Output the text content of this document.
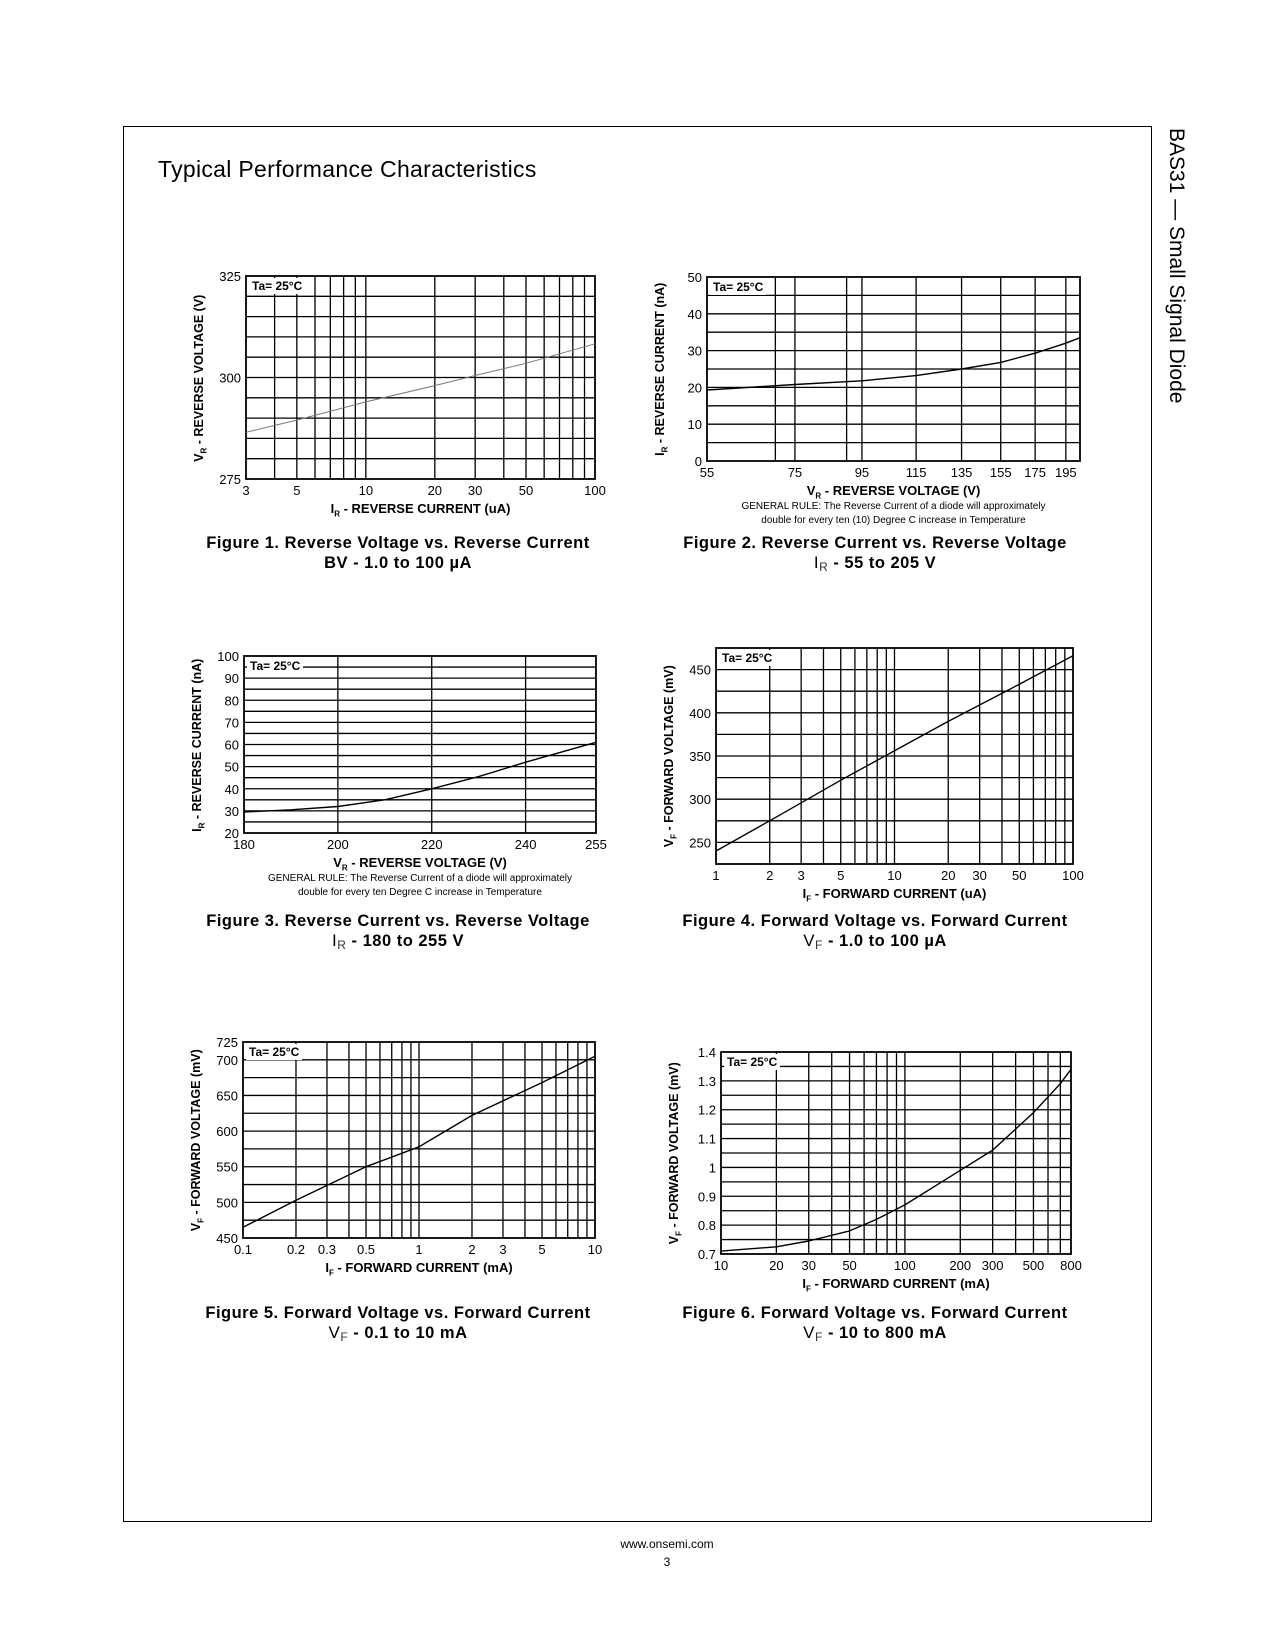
Typical Performance Characteristics	BAS31 — Small Signal Diode
www.onsemi.com
3
3	5	10	20 30	50	100
275
300
325
55	75	95	115 135 155 175 195
0
10
20
30
40
50
180	200	220	240	255
20
30
40
50
60
70
80
90
100
1	2 3 5	10	20 30 50	100
250
300
350
400
450
0.1	0.2 0.3 0.5	1	2 3 5	10
450
500
550
600
650
700
725
10	20 30 50	100	200 300 500 800
0.7
0.8
0.9
1
1.1
1.2
1.3
1.4
Ta= 25°C
$I_R$ - REVERSE CURRENT (uA)
$V_R$ - REVERSE VOLTAGE (V)
Figure 1. Reverse Voltage vs. Reverse Current
BV - 1.0 to 100 µA
Ta= 25°C
$V_R$ - REVERSE VOLTAGE (V)
GENERAL RULE: The Reverse Current of a diode will approximately
double for every ten (10) Degree C increase in Temperature
$I_R$ - REVERSE CURRENT (nA)
Figure 2. Reverse Current vs. Reverse Voltage
$I_R - 55$ to 205 V
Ta= 25°C
$V_R$ - REVERSE VOLTAGE (V)
GENERAL RULE: The Reverse Current of a diode will approximately
double for every ten Degree C increase in Temperature
$I_R$ - REVERSE CURRENT (nA)
Figure 3. Reverse Current vs. Reverse Voltage
$I_R - 180$ to 255 V
Ta= 25°C
$I_F$ - FORWARD CURRENT (uA)
$V_F$ - FORWARD VOLTAGE (mV)
Figure 4. Forward Voltage vs. Forward Current
$V_F - 1.0$ to 100 µA
Ta= 25°C
$I_F$ - FORWARD CURRENT (mA)
$V_F$ - FORWARD VOLTAGE (mV)
Figure 5. Forward Voltage vs. Forward Current
$V_F - 0.1$ to 10 mA
Ta= 25°C
$I_F$ - FORWARD CURRENT (mA)
$V_F$ - FORWARD VOLTAGE (mV)
Figure 6. Forward Voltage vs. Forward Current
$V_F - 10$ to 800 mA
